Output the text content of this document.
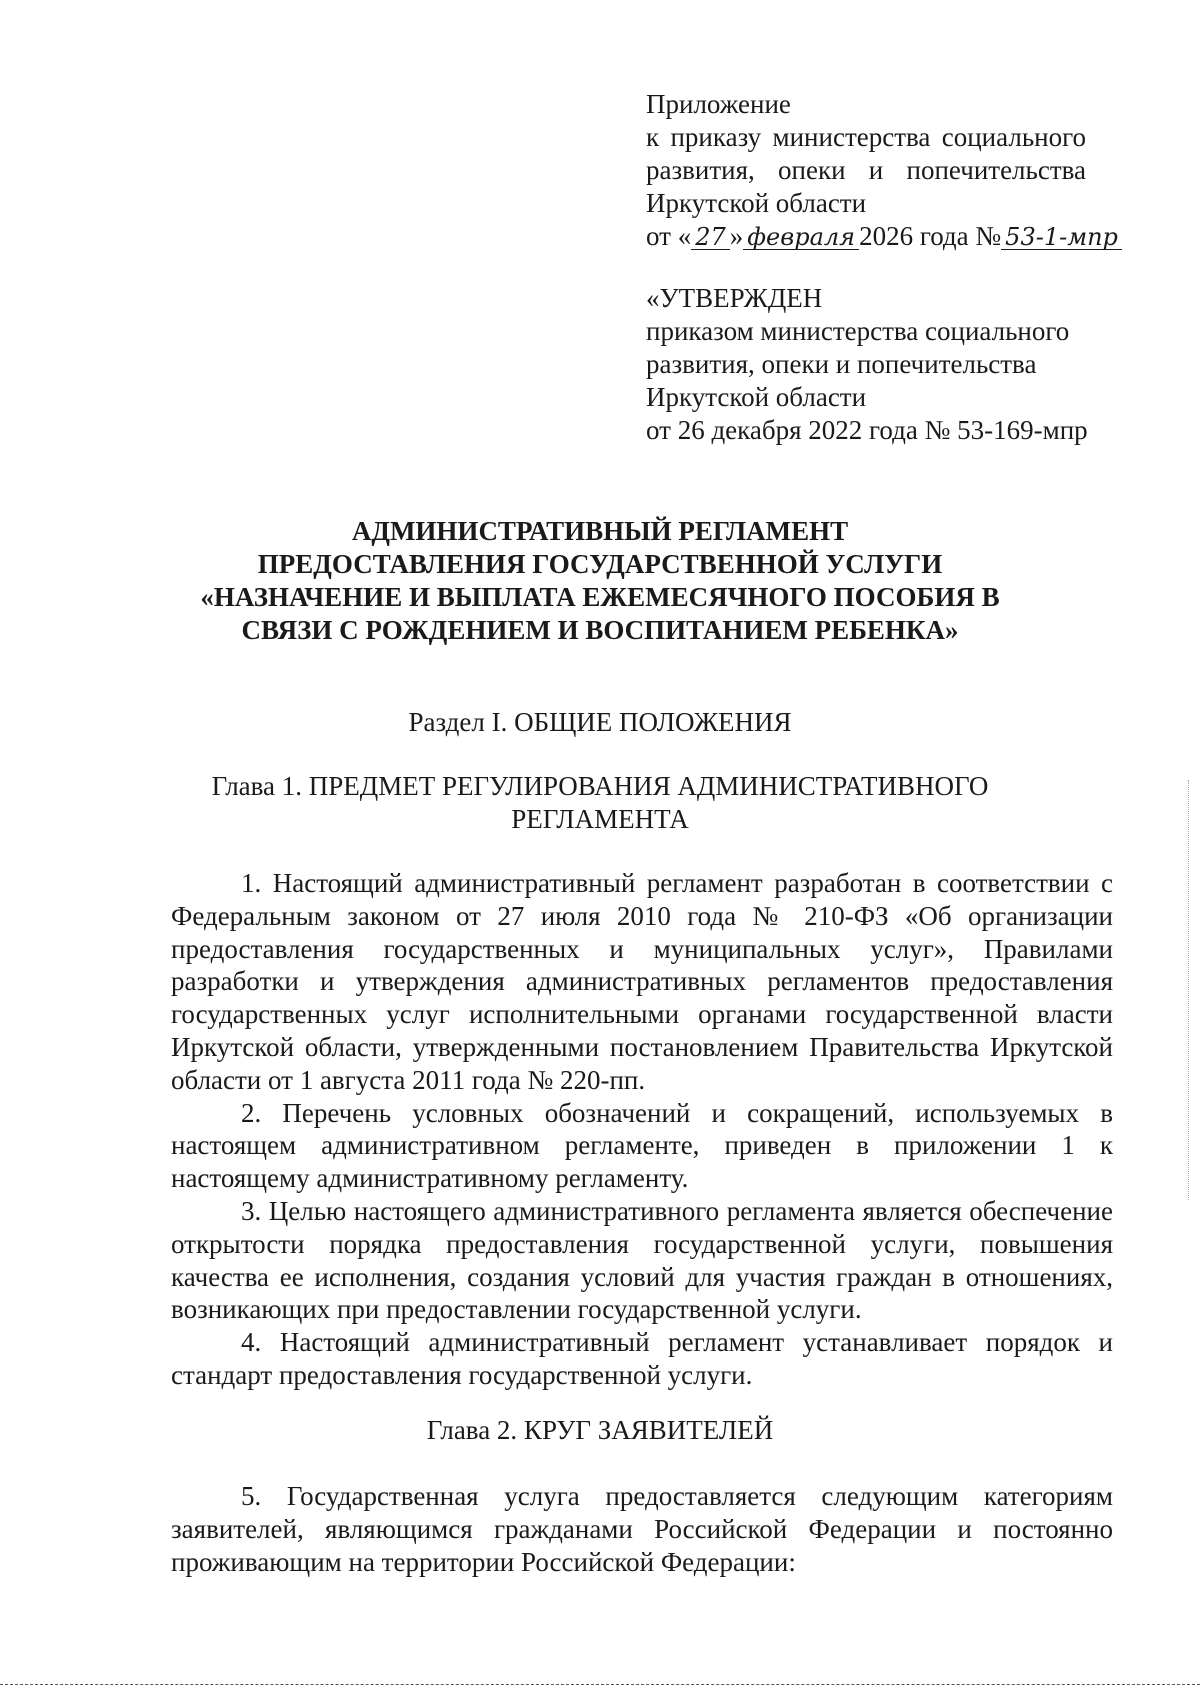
Приложение
к приказу министерства социального
развития, опеки и попечительства
Иркутской области
от « 27 » февраля 2026 года № 53-1-мпр
«УТВЕРЖДЕН
приказом министерства социального
развития, опеки и попечительства
Иркутской области
от 26 декабря 2022 года № 53-169-мпр
АДМИНИСТРАТИВНЫЙ РЕГЛАМЕНТ
ПРЕДОСТАВЛЕНИЯ ГОСУДАРСТВЕННОЙ УСЛУГИ
«НАЗНАЧЕНИЕ И ВЫПЛАТА ЕЖЕМЕСЯЧНОГО ПОСОБИЯ В
СВЯЗИ С РОЖДЕНИЕМ И ВОСПИТАНИЕМ РЕБЕНКА»
Раздел I. ОБЩИЕ ПОЛОЖЕНИЯ
Глава 1. ПРЕДМЕТ РЕГУЛИРОВАНИЯ АДМИНИСТРАТИВНОГО
РЕГЛАМЕНТА
1. Настоящий административный регламент разработан в соответствии с Федеральным законом от 27 июля 2010 года № 210-ФЗ «Об организации предоставления государственных и муниципальных услуг», Правилами разработки и утверждения административных регламентов предоставления государственных услуг исполнительными органами государственной власти Иркутской области, утвержденными постановлением Правительства Иркутской области от 1 августа 2011 года № 220-пп.
2. Перечень условных обозначений и сокращений, используемых в настоящем административном регламенте, приведен в приложении 1 к настоящему административному регламенту.
3. Целью настоящего административного регламента является обеспечение открытости порядка предоставления государственной услуги, повышения качества ее исполнения, создания условий для участия граждан в отношениях, возникающих при предоставлении государственной услуги.
4. Настоящий административный регламент устанавливает порядок и стандарт предоставления государственной услуги.
Глава 2. КРУГ ЗАЯВИТЕЛЕЙ
5. Государственная услуга предоставляется следующим категориям заявителей, являющимся гражданами Российской Федерации и постоянно проживающим на территории Российской Федерации:
